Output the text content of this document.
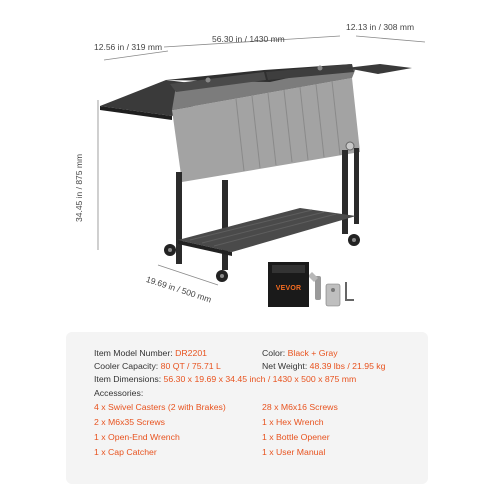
VEVOR
12.56 in / 319 mm
56.30 in / 1430 mm
12.13 in / 308 mm
34.45 in / 875 mm
19.69 in / 500 mm
Item Model Number: DR2201	Color: Black + Gray
Cooler Capacity: 80 QT / 75.71 L	Net Weight: 48.39 lbs / 21.95 kg
Item Dimensions: 56.30 x 19.69 x 34.45 inch / 1430 x 500 x 875 mm
Accessories:
4 x Swivel Casters (2 with Brakes)
2 x M6x35 Screws
1 x Open-End Wrench
1 x Cap Catcher
28 x M6x16 Screws
1 x Hex Wrench
1 x Bottle Opener
1 x User Manual
